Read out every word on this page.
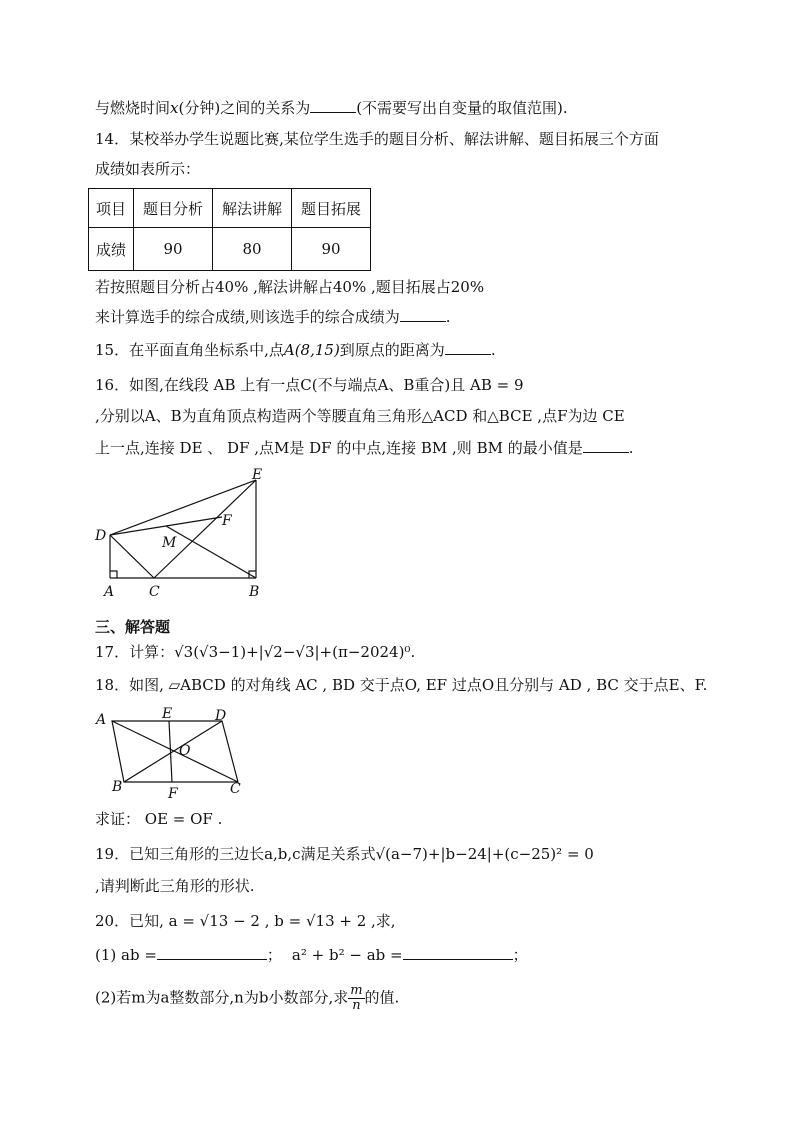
与燃烧时间x(分钟)之间的关系为	(不需要写出自变量的取值范围).
14．某校举办学生说题比赛,某位学生选手的题目分析、解法讲解、题目拓展三个方面
成绩如表所示：
项目	题目分析	解法讲解	题目拓展
成绩	90	80	90
若按照题目分析占40% ,解法讲解占40% ,题目拓展占20%
来计算选手的综合成绩,则该选手的综合成绩为	.
15．在平面直角坐标系中,点A(8,15)到原点的距离为	.
16．如图,在线段 AB 上有一点C(不与端点A、B重合)且 AB = 9
,分别以A、B为直角顶点构造两个等腰直角三角形△ACD 和△BCE ,点F为边 CE
上一点,连接 DE 、 DF ,点M是 DF 的中点,连接 BM ,则 BM 的最小值是	.
E
F
D	M
A C	B
三、解答题
17．计算：√3(√3−1)+|√2−√3|+(π−2024)⁰.
18．如图, ▱ABCD 的对角线 AC , BD 交于点O, EF 过点O且分别与 AD , BC 交于点E、F.
A	E	D
O
B	F	C
求证： OE = OF .
19．已知三角形的三边长a,b,c满足关系式√(a−7)+|b−24|+(c−25)² = 0
,请判断此三角形的形状.
20．已知, a = √13 − 2 , b = √13 + 2 ,求,
(1) ab =	； a² + b² − ab =	；
(2)若m为a整数部分,n为b小数部分,求 $\frac{m}{n}$ 的值.
